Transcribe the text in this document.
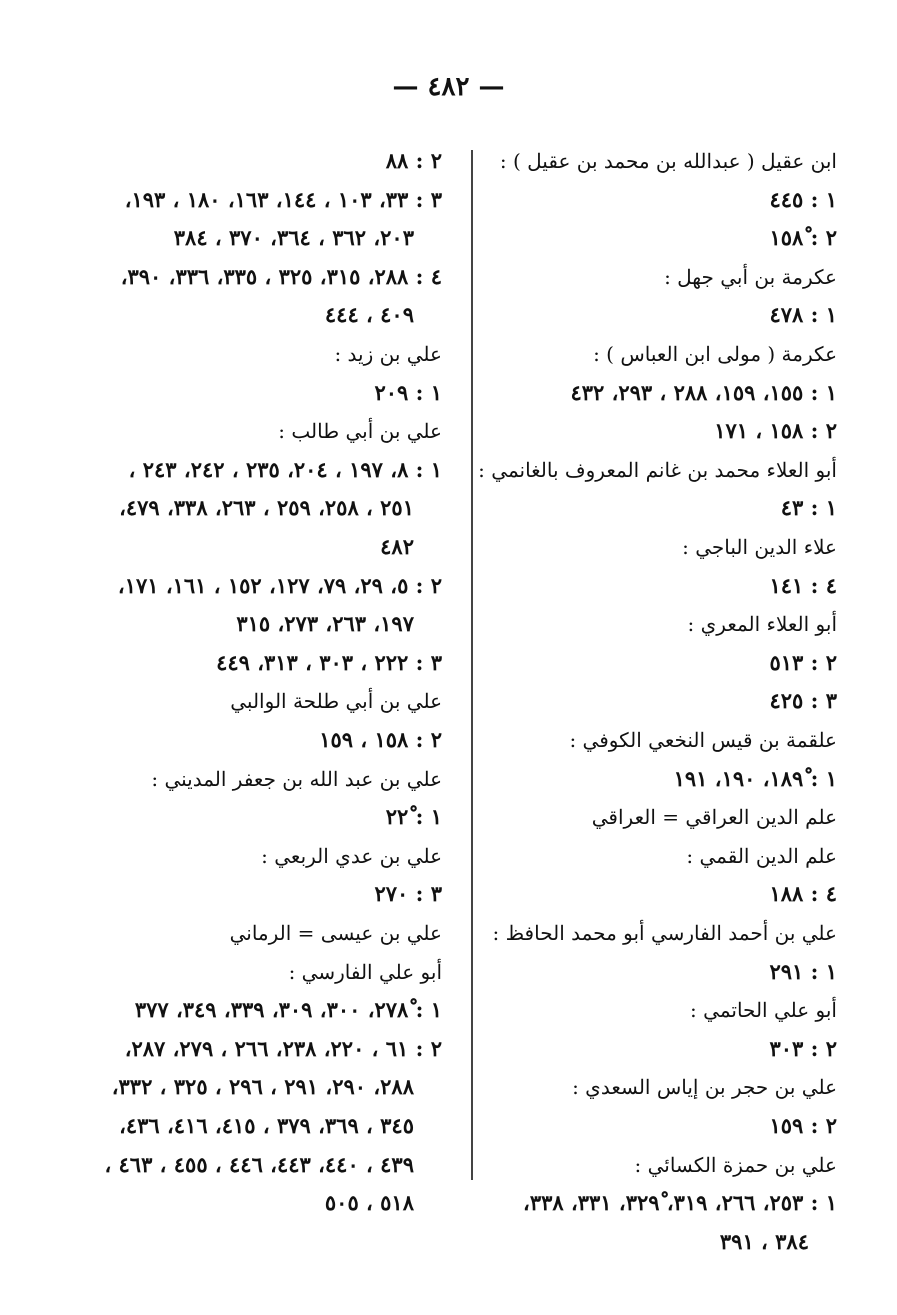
— ٤٨٢ —
ابن عقيل ( عبدالله بن محمد بن عقيل ) :
١ : ٤٤٥
٢ : ١٥٨ْ
عكرمة بن أبي جهل :
١ : ٤٧٨
عكرمة ( مولى ابن العباس ) :
١ : ١٥٥، ١٥٩، ٢٨٨ ، ٢٩٣، ٤٣٢
٢ : ١٥٨ ، ١٧١
أبو العلاء محمد بن غانم المعروف بالغانمي :
١ : ٤٣
علاء الدين الباجي :
٤ : ١٤١
أبو العلاء المعري :
٢ : ٥١٣
٣ : ٤٢٥
علقمة بن قيس النخعي الكوفي :
١ : ١٨٩ْ، ١٩٠، ١٩١
علم الدين العراقي = العراقي
علم الدين القمي :
٤ : ١٨٨
علي بن أحمد الفارسي أبو محمد الحافظ :
١ : ٢٩١
أبو علي الحاتمي :
٢ : ٣٠٣
علي بن حجر بن إياس السعدي :
٢ : ١٥٩
علي بن حمزة الكسائي :
١ : ٢٥٣، ٢٦٦، ٣١٩، ٣٢٩ْ، ٣٣١، ٣٣٨،
٣٨٤ ، ٣٩١
٢ : ٨٨
٣ : ٣٣، ١٠٣ ، ١٤٤، ١٦٣، ١٨٠ ، ١٩٣،
٢٠٣، ٣٦٢ ، ٣٦٤، ٣٧٠ ، ٣٨٤
٤ : ٢٨٨، ٣١٥، ٣٢٥ ، ٣٣٥، ٣٣٦، ٣٩٠،
٤٠٩ ، ٤٤٤
علي بن زيد :
١ : ٢٠٩
علي بن أبي طالب :
١ : ٨، ١٩٧ ، ٢٠٤، ٢٣٥ ، ٢٤٢، ٢٤٣ ،
٢٥١ ، ٢٥٨، ٢٥٩ ، ٢٦٣، ٣٣٨، ٤٧٩،
٤٨٢
٢ : ٥، ٢٩، ٧٩، ١٢٧، ١٥٢ ، ١٦١، ١٧١،
١٩٧، ٢٦٣، ٢٧٣، ٣١٥
٣ : ٢٢٢ ، ٣٠٣ ، ٣١٣، ٤٤٩
علي بن أبي طلحة الوالبي
٢ : ١٥٨ ، ١٥٩
علي بن عبد الله بن جعفر المديني :
١ : ٢٢ْ
علي بن عدي الربعي :
٣ : ٢٧٠
علي بن عيسى = الرماني
أبو علي الفارسي :
١ : ٢٧٨ْ، ٣٠٠، ٣٠٩، ٣٣٩، ٣٤٩، ٣٧٧
٢ : ٦١ ، ٢٢٠، ٢٣٨، ٢٦٦ ، ٢٧٩، ٢٨٧،
٢٨٨، ٢٩٠، ٢٩١ ، ٢٩٦ ، ٣٢٥ ، ٣٣٢،
٣٤٥ ، ٣٦٩، ٣٧٩ ، ٤١٥، ٤١٦، ٤٣٦،
٤٣٩ ، ٤٤٠، ٤٤٣، ٤٤٦ ، ٤٥٥ ، ٤٦٣ ،
٥١٨ ، ٥٠٥
